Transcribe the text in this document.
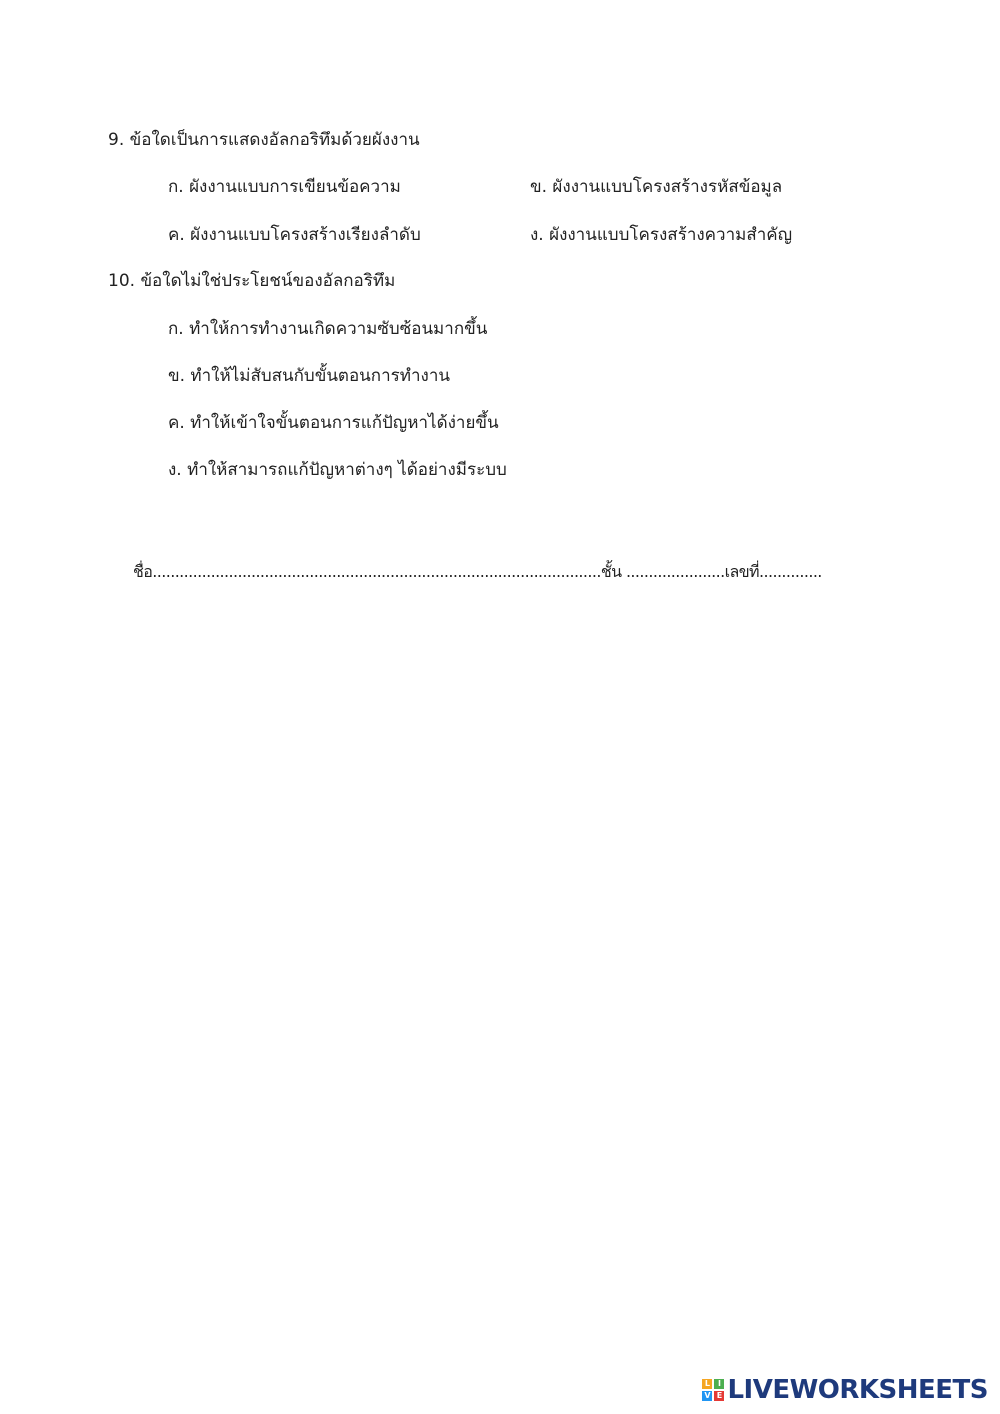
9. ข้อใดเป็นการแสดงอัลกอริทึมด้วยผังงาน
ก. ผังงานแบบการเขียนข้อความ	ข. ผังงานแบบโครงสร้างรหัสข้อมูล
ค. ผังงานแบบโครงสร้างเรียงลำดับ	ง. ผังงานแบบโครงสร้างความสำคัญ
10. ข้อใดไม่ใช่ประโยชน์ของอัลกอริทึม
ก. ทำให้การทำงานเกิดความซับซ้อนมากขึ้น
ข. ทำให้ไม่สับสนกับขั้นตอนการทำงาน
ค. ทำให้เข้าใจขั้นตอนการแก้ปัญหาได้ง่ายขึ้น
ง. ทำให้สามารถแก้ปัญหาต่างๆ ได้อย่างมีระบบ
ชื่อ....................................................................................................ชั้น ......................เลขที่..............
L I
V E LIVEWORKSHEETS
